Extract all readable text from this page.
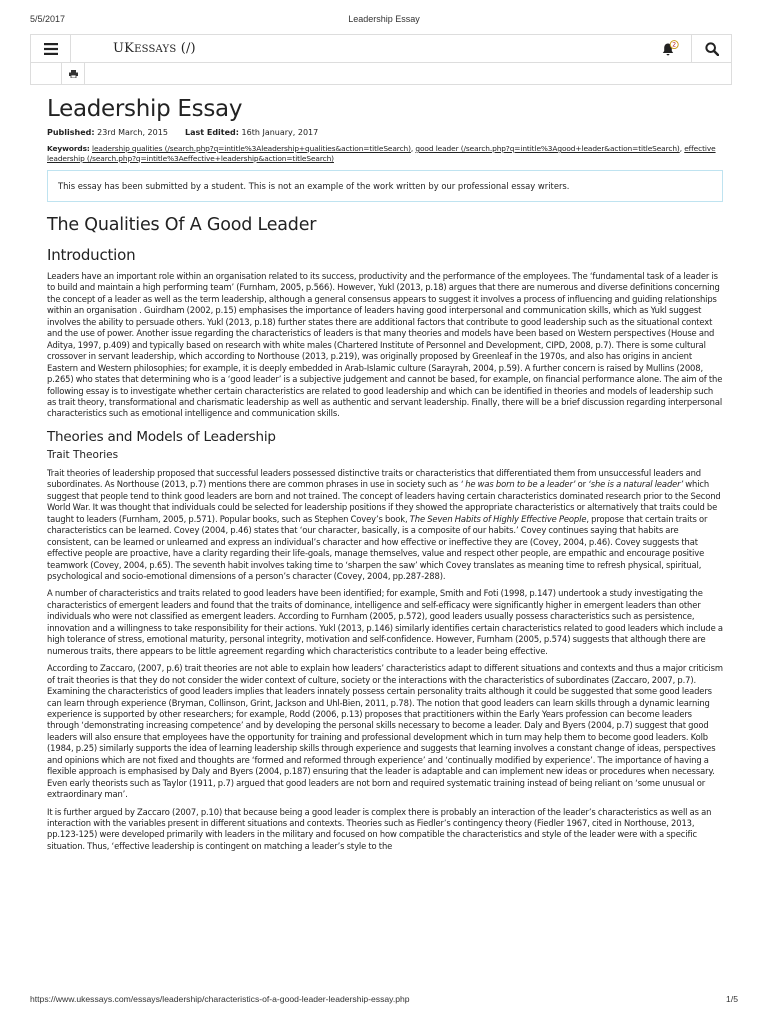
5/5/2017	Leadership Essay
UKESSAYS (/)	2
Leadership Essay
Published: 23rd March, 2015 Last Edited: 16th January, 2017
Keywords: leadership qualities (/search.php?q=intitle%3Aleadership+qualities&action=titleSearch), good leader (/search.php?q=intitle%3Agood+leader&action=titleSearch), effective leadership (/search.php?q=intitle%3Aeffective+leadership&action=titleSearch)
This essay has been submitted by a student. This is not an example of the work written by our professional essay writers.
The Qualities Of A Good Leader
Introduction

Leaders have an important role within an organisation related to its success, productivity and the performance of the employees. The ‘fundamental task of a leader is to build and maintain a high performing team’ (Furnham, 2005, p.566). However, Yukl (2013, p.18) argues that there are numerous and diverse definitions concerning the concept of a leader as well as the term leadership, although a general consensus appears to suggest it involves a process of influencing and guiding relationships within an organisation . Guirdham (2002, p.15) emphasises the importance of leaders having good interpersonal and communication skills, which as Yukl suggest involves the ability to persuade others. Yukl (2013, p.18) further states there are additional factors that contribute to good leadership such as the situational context and the use of power. Another issue regarding the characteristics of leaders is that many theories and models have been based on Western perspectives (House and Aditya, 1997, p.409) and typically based on research with white males (Chartered Institute of Personnel and Development, CIPD, 2008, p.7). There is some cultural crossover in servant leadership, which according to Northouse (2013, p.219), was originally proposed by Greenleaf in the 1970s, and also has origins in ancient Eastern and Western philosophies; for example, it is deeply embedded in Arab-Islamic culture (Sarayrah, 2004, p.59). A further concern is raised by Mullins (2008, p.265) who states that determining who is a ‘good leader’ is a subjective judgement and cannot be based, for example, on financial performance alone. The aim of the following essay is to investigate whether certain characteristics are related to good leadership and which can be identified in theories and models of leadership such as trait theory, transformational and charismatic leadership as well as authentic and servant leadership. Finally, there will be a brief discussion regarding interpersonal characteristics such as emotional intelligence and communication skills.

Theories and Models of Leadership
Trait Theories

Trait theories of leadership proposed that successful leaders possessed distinctive traits or characteristics that differentiated them from unsuccessful leaders and subordinates. As Northouse (2013, p.7) mentions there are common phrases in use in society such as ‘ he was born to be a leader’ or ‘she is a natural leader’ which suggest that people tend to think good leaders are born and not trained. The concept of leaders having certain characteristics dominated research prior to the Second World War. It was thought that individuals could be selected for leadership positions if they showed the appropriate characteristics or alternatively that traits could be taught to leaders (Furnham, 2005, p.571). Popular books, such as Stephen Covey’s book, The Seven Habits of Highly Effective People, propose that certain traits or characteristics can be learned. Covey (2004, p.46) states that ‘our character, basically, is a composite of our habits.’ Covey continues saying that habits are consistent, can be learned or unlearned and express an individual’s character and how effective or ineffective they are (Covey, 2004, p.46). Covey suggests that effective people are proactive, have a clarity regarding their life-goals, manage themselves, value and respect other people, are empathic and encourage positive teamwork (Covey, 2004, p.65). The seventh habit involves taking time to ‘sharpen the saw’ which Covey translates as meaning time to refresh physical, spiritual, psychological and socio-emotional dimensions of a person’s character (Covey, 2004, pp.287-288).

A number of characteristics and traits related to good leaders have been identified; for example, Smith and Foti (1998, p.147) undertook a study investigating the characteristics of emergent leaders and found that the traits of dominance, intelligence and self-efficacy were significantly higher in emergent leaders than other individuals who were not classified as emergent leaders. According to Furnham (2005, p.572), good leaders usually possess characteristics such as persistence, innovation and a willingness to take responsibility for their actions. Yukl (2013, p.146) similarly identifies certain characteristics related to good leaders which include a high tolerance of stress, emotional maturity, personal integrity, motivation and self-confidence. However, Furnham (2005, p.574) suggests that although there are numerous traits, there appears to be little agreement regarding which characteristics contribute to a leader being effective.

According to Zaccaro, (2007, p.6) trait theories are not able to explain how leaders’ characteristics adapt to different situations and contexts and thus a major criticism of trait theories is that they do not consider the wider context of culture, society or the interactions with the characteristics of subordinates (Zaccaro, 2007, p.7). Examining the characteristics of good leaders implies that leaders innately possess certain personality traits although it could be suggested that some good leaders can learn through experience (Bryman, Collinson, Grint, Jackson and Uhl-Bien, 2011, p.78). The notion that good leaders can learn skills through a dynamic learning experience is supported by other researchers; for example, Rodd (2006, p.13) proposes that practitioners within the Early Years profession can become leaders through ‘demonstrating increasing competence’ and by developing the personal skills necessary to become a leader. Daly and Byers (2004, p.7) suggest that good leaders will also ensure that employees have the opportunity for training and professional development which in turn may help them to become good leaders. Kolb (1984, p.25) similarly supports the idea of learning leadership skills through experience and suggests that learning involves a constant change of ideas, perspectives and opinions which are not fixed and thoughts are ‘formed and reformed through experience’ and ‘continually modified by experience’. The importance of having a flexible approach is emphasised by Daly and Byers (2004, p.187) ensuring that the leader is adaptable and can implement new ideas or procedures when necessary. Even early theorists such as Taylor (1911, p.7) argued that good leaders are not born and required systematic training instead of being reliant on ‘some unusual or extraordinary man’.

It is further argued by Zaccaro (2007, p.10) that because being a good leader is complex there is probably an interaction of the leader’s characteristics as well as an interaction with the variables present in different situations and contexts. Theories such as Fiedler’s contingency theory (Fiedler 1967, cited in Northouse, 2013, pp.123-125) were developed primarily with leaders in the military and focused on how compatible the characteristics and style of the leader were with a specific situation. Thus, ‘effective leadership is contingent on matching a leader’s style to the

https://www.ukessays.com/essays/leadership/characteristics-of-a-good-leader-leadership-essay.php	1/5
